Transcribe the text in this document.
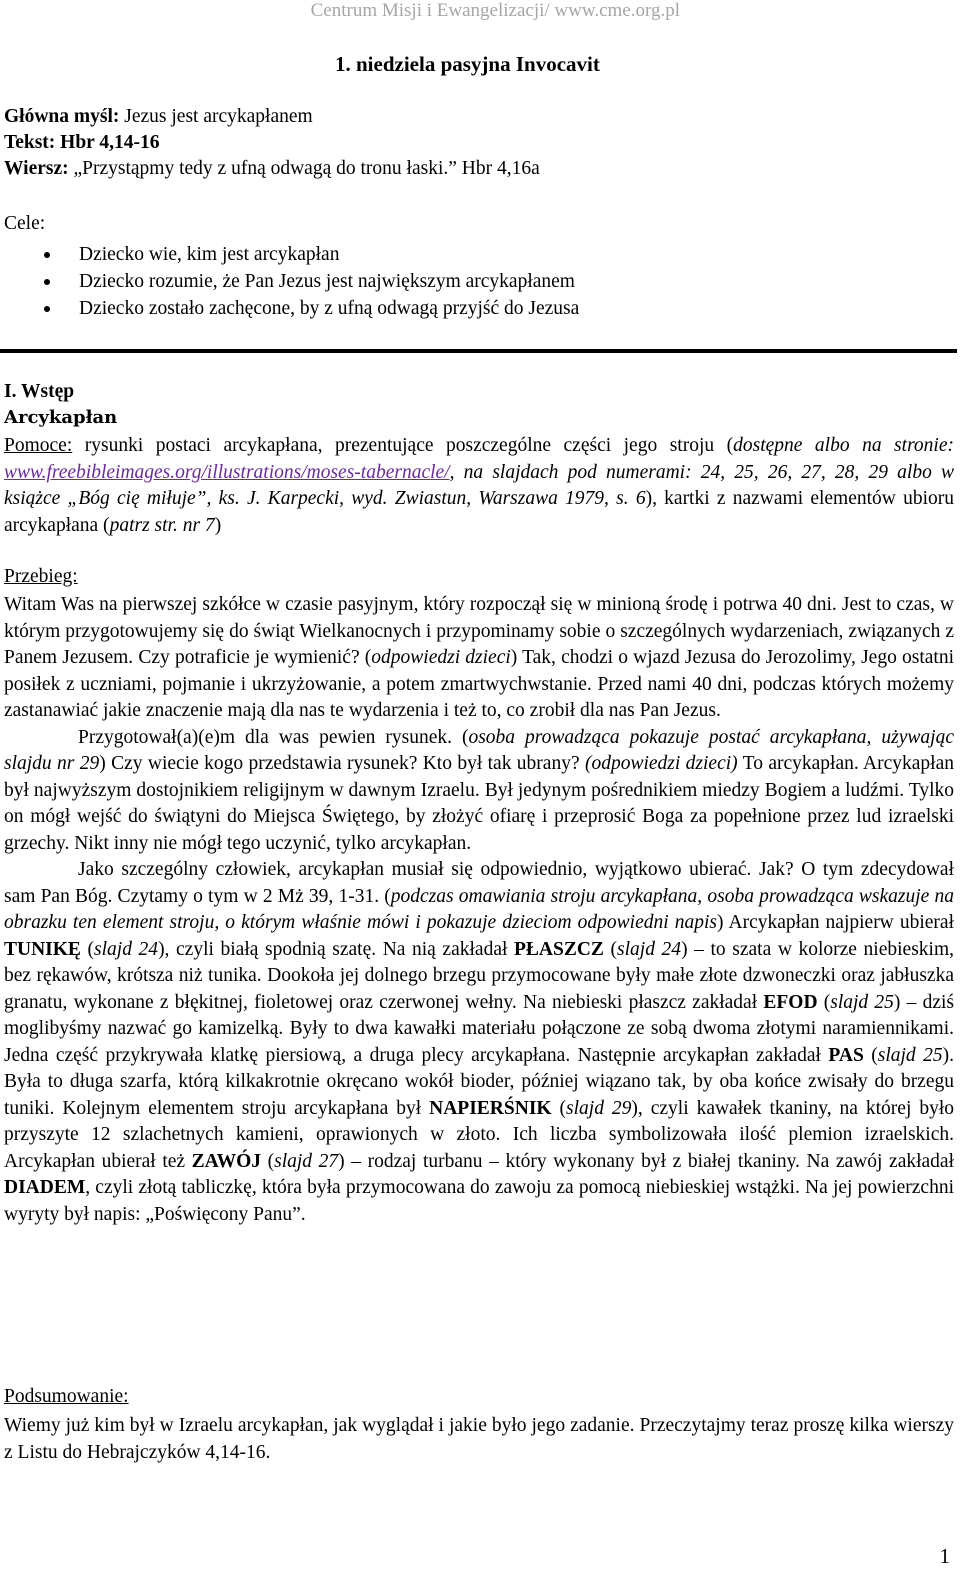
Centrum Misji i Ewangelizacji/ www.cme.org.pl
1. niedziela pasyjna Invocavit
Główna myśl: Jezus jest arcykapłanem
Tekst: Hbr 4,14-16
Wiersz: „Przystąpmy tedy z ufną odwagą do tronu łaski.” Hbr 4,16a
Cele:
Dziecko wie, kim jest arcykapłan
Dziecko rozumie, że Pan Jezus jest największym arcykapłanem
Dziecko zostało zachęcone, by z ufną odwagą przyjść do Jezusa
I. Wstęp
Arcykapłan

Pomoce: rysunki postaci arcykapłana, prezentujące poszczególne części jego stroju (dostępne albo na stronie: www.freebibleimages.org/illustrations/moses-tabernacle/, na slajdach pod numerami: 24, 25, 26, 27, 28, 29 albo w książce „Bóg cię miłuje”, ks. J. Karpecki, wyd. Zwiastun, Warszawa 1979, s. 6), kartki z nazwami elementów ubioru arcykapłana (patrz str. nr 7)

Przebieg:

Witam Was na pierwszej szkółce w czasie pasyjnym, który rozpoczął się w minioną środę i potrwa 40 dni. Jest to czas, w którym przygotowujemy się do świąt Wielkanocnych i przypominamy sobie o szczególnych wydarzeniach, związanych z Panem Jezusem. Czy potraficie je wymienić? (odpowiedzi dzieci) Tak, chodzi o wjazd Jezusa do Jerozolimy, Jego ostatni posiłek z uczniami, pojmanie i ukrzyżowanie, a potem zmartwychwstanie. Przed nami 40 dni, podczas których możemy zastanawiać jakie znaczenie mają dla nas te wydarzenia i też to, co zrobił dla nas Pan Jezus.

Przygotował(a)(e)m dla was pewien rysunek. (osoba prowadząca pokazuje postać arcykapłana, używając slajdu nr 29) Czy wiecie kogo przedstawia rysunek? Kto był tak ubrany? (odpowiedzi dzieci) To arcykapłan. Arcykapłan był najwyższym dostojnikiem religijnym w dawnym Izraelu. Był jedynym pośrednikiem miedzy Bogiem a ludźmi. Tylko on mógł wejść do świątyni do Miejsca Świętego, by złożyć ofiarę i przeprosić Boga za popełnione przez lud izraelski grzechy. Nikt inny nie mógł tego uczynić, tylko arcykapłan.

Jako szczególny człowiek, arcykapłan musiał się odpowiednio, wyjątkowo ubierać. Jak? O tym zdecydował sam Pan Bóg. Czytamy o tym w 2 Mż 39, 1-31. (podczas omawiania stroju arcykapłana, osoba prowadząca wskazuje na obrazku ten element stroju, o którym właśnie mówi i pokazuje dzieciom odpowiedni napis) Arcykapłan najpierw ubierał TUNIKĘ (slajd 24), czyli białą spodnią szatę. Na nią zakładał PŁASZCZ (slajd 24) – to szata w kolorze niebieskim, bez rękawów, krótsza niż tunika. Dookoła jej dolnego brzegu przymocowane były małe złote dzwoneczki oraz jabłuszka granatu, wykonane z błękitnej, fioletowej oraz czerwonej wełny. Na niebieski płaszcz zakładał EFOD (slajd 25) – dziś moglibyśmy nazwać go kamizelką. Były to dwa kawałki materiału połączone ze sobą dwoma złotymi naramiennikami. Jedna część przykrywała klatkę piersiową, a druga plecy arcykapłana. Następnie arcykapłan zakładał PAS (slajd 25). Była to długa szarfa, którą kilkakrotnie okręcano wokół bioder, później wiązano tak, by oba końce zwisały do brzegu tuniki. Kolejnym elementem stroju arcykapłana był NAPIERŚNIK (slajd 29), czyli kawałek tkaniny, na której było przyszyte 12 szlachetnych kamieni, oprawionych w złoto. Ich liczba symbolizowała ilość plemion izraelskich. Arcykapłan ubierał też ZAWÓJ (slajd 27) – rodzaj turbanu – który wykonany był z białej tkaniny. Na zawój zakładał DIADEM, czyli złotą tabliczkę, która była przymocowana do zawoju za pomocą niebieskiej wstążki. Na jej powierzchni wyryty był napis: „Poświęcony Panu”.

Podsumowanie:

Wiemy już kim był w Izraelu arcykapłan, jak wyglądał i jakie było jego zadanie. Przeczytajmy teraz proszę kilka wierszy z Listu do Hebrajczyków 4,14-16.

1
